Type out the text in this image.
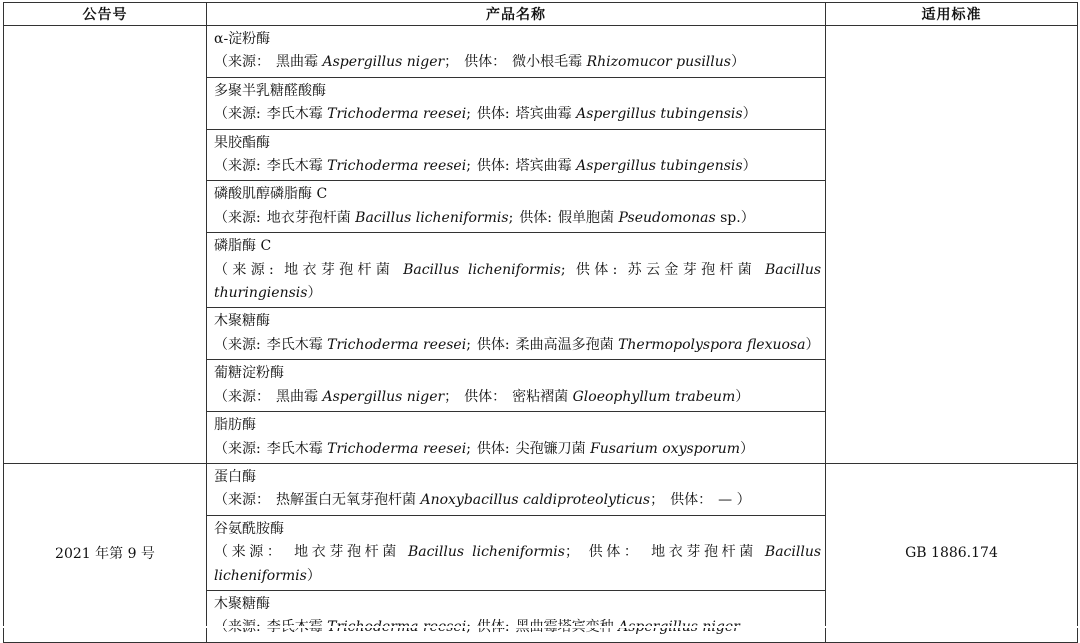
公告号	产品名称	适用标准

	α-淀粉酶
（来源： 黑曲霉 Aspergillus niger； 供体： 微小根毛霉 Rhizomucor pusillus）	

	多聚半乳糖醛酸酶
（来源: 李氏木霉 Trichoderma reesei; 供体: 塔宾曲霉 Aspergillus tubingensis）	

	果胶酯酶
（来源: 李氏木霉 Trichoderma reesei; 供体: 塔宾曲霉 Aspergillus tubingensis）	

	磷酸肌醇磷脂酶 C
（来源: 地衣芽孢杆菌 Bacillus licheniformis; 供体: 假单胞菌 Pseudomonas sp.）	

	磷脂酶 C
（来源: 地衣芽孢杆菌 Bacillus licheniformis; 供体: 苏云金芽孢杆菌 Bacillus thuringiensis）	

	木聚糖酶
（来源: 李氏木霉 Trichoderma reesei; 供体: 柔曲高温多孢菌 Thermopolyspora flexuosa）	

	葡糖淀粉酶
（来源： 黑曲霉 Aspergillus niger； 供体： 密粘褶菌 Gloeophyllum trabeum）	

	脂肪酶
（来源: 李氏木霉 Trichoderma reesei; 供体: 尖孢镰刀菌 Fusarium oxysporum）	
2021 年第 9 号	蛋白酶
（来源： 热解蛋白无氧芽孢杆菌 Anoxybacillus caldiproteolyticus； 供体： — ）	GB 1886.174

	谷氨酰胺酶
（来源： 地衣芽孢杆菌 Bacillus licheniformis； 供体： 地衣芽孢杆菌 Bacillus licheniformis）	

	木聚糖酶	
